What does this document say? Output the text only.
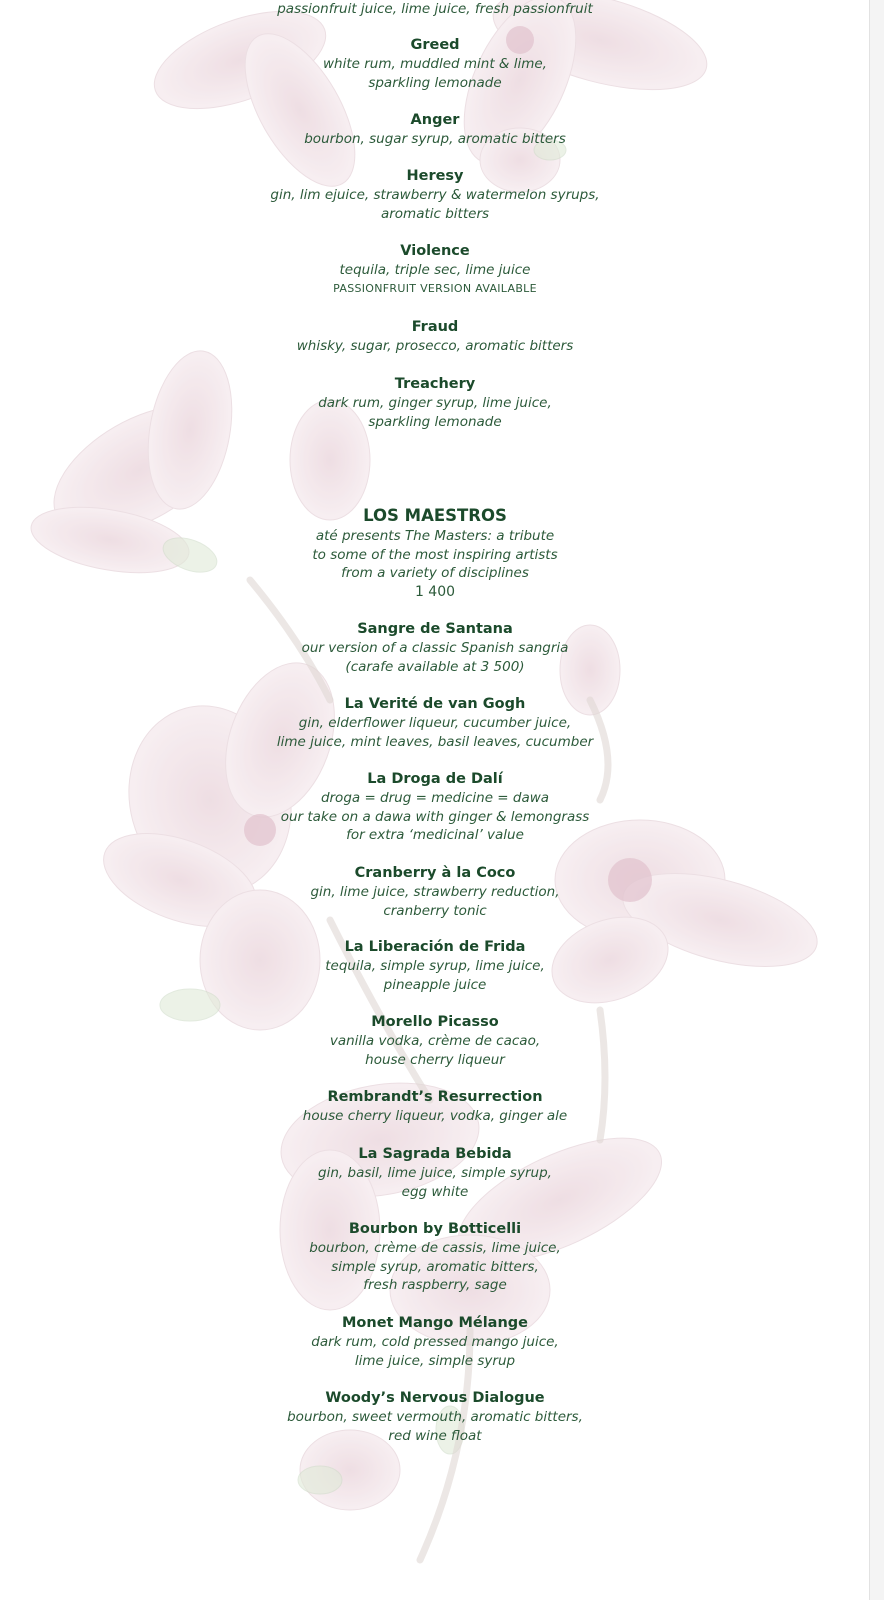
passionfruit juice, lime juice, fresh passionfruit
Greed
white rum, muddled mint & lime,
sparkling lemonade
Anger
bourbon, sugar syrup, aromatic bitters
Heresy
gin, lim ejuice, strawberry & watermelon syrups,
aromatic bitters
Violence
tequila, triple sec, lime juice
PASSIONFRUIT VERSION AVAILABLE
Fraud
whisky, sugar, prosecco, aromatic bitters
Treachery
dark rum, ginger syrup, lime juice,
sparkling lemonade
LOS MAESTROS
até presents The Masters: a tribute
to some of the most inspiring artists
from a variety of disciplines
1 400
Sangre de Santana
our version of a classic Spanish sangria
(carafe available at 3 500)
La Verité de van Gogh
gin, elderflower liqueur, cucumber juice,
lime juice, mint leaves, basil leaves, cucumber
La Droga de Dalí
droga = drug = medicine = dawa
our take on a dawa with ginger & lemongrass
for extra ‘medicinal’ value
Cranberry à la Coco
gin, lime juice, strawberry reduction,
cranberry tonic
La Liberación de Frida
tequila, simple syrup, lime juice,
pineapple juice
Morello Picasso
vanilla vodka, crème de cacao,
house cherry liqueur
Rembrandt’s Resurrection
house cherry liqueur, vodka, ginger ale
La Sagrada Bebida
gin, basil, lime juice, simple syrup,
egg white
Bourbon by Botticelli
bourbon, crème de cassis, lime juice,
simple syrup, aromatic bitters,
fresh raspberry, sage
Monet Mango Mélange
dark rum, cold pressed mango juice,
lime juice, simple syrup
Woody’s Nervous Dialogue
bourbon, sweet vermouth, aromatic bitters,
red wine float
